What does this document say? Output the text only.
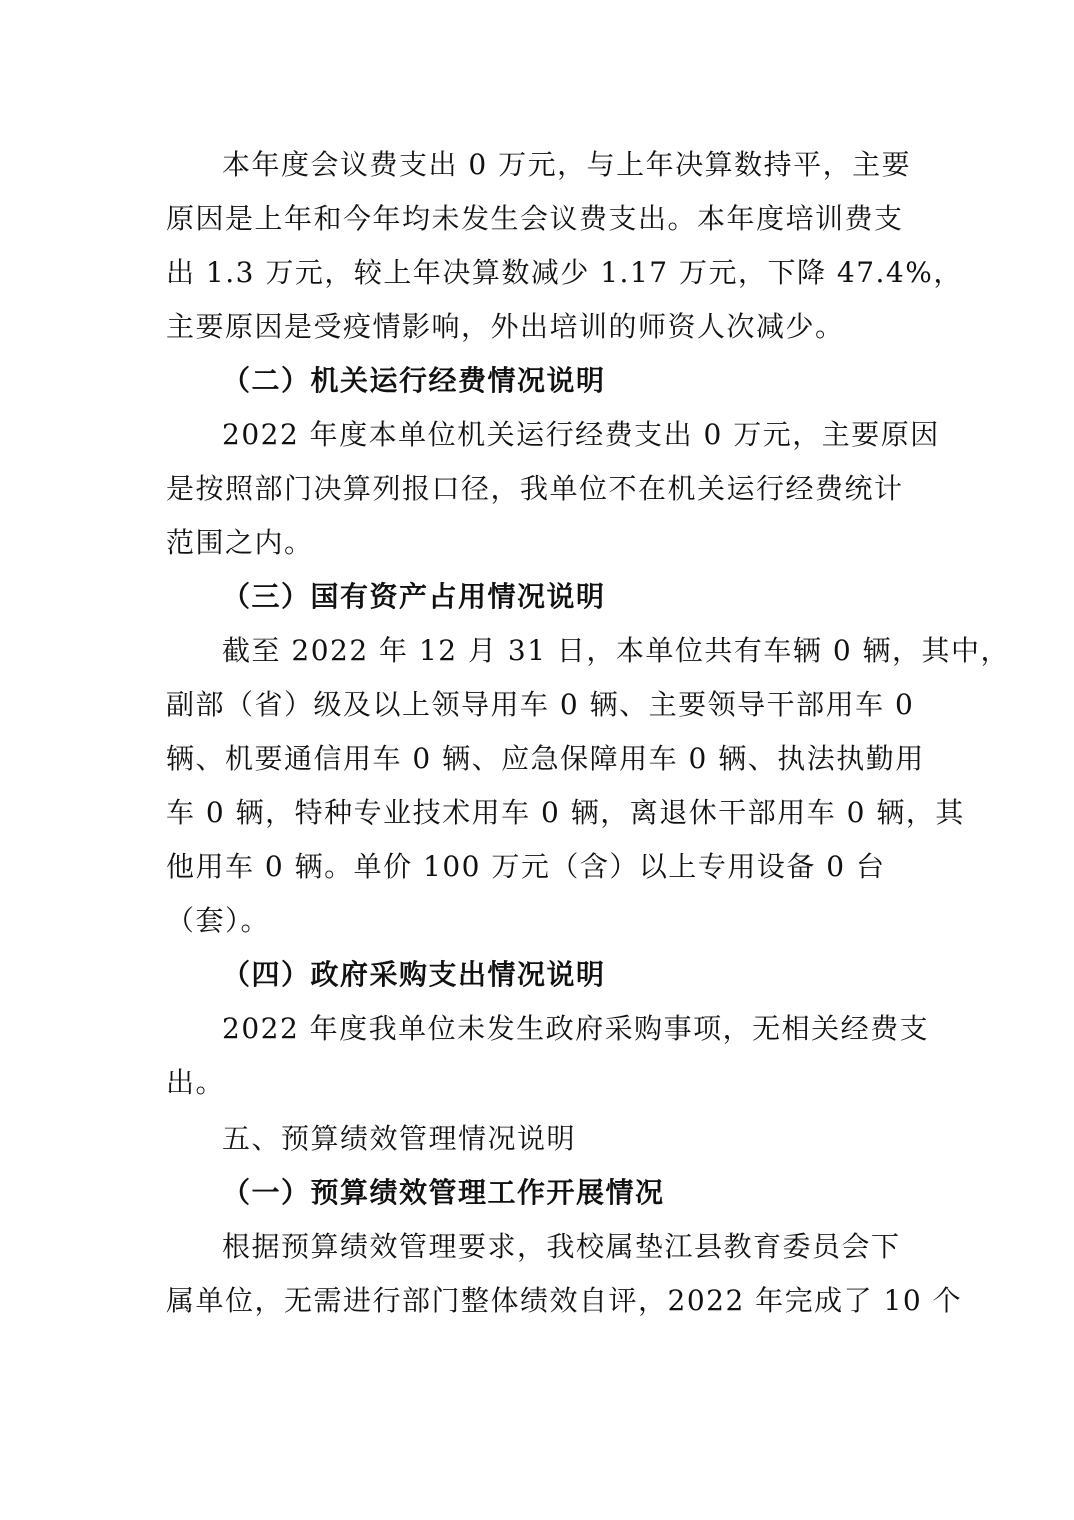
本年度会议费支出 0 万元，与上年决算数持平，主要
原因是上年和今年均未发生会议费支出。本年度培训费支
出 1.3 万元，较上年决算数减少 1.17 万元，下降 47.4%，
主要原因是受疫情影响，外出培训的师资人次减少。
（二）机关运行经费情况说明
2022 年度本单位机关运行经费支出 0 万元，主要原因
是按照部门决算列报口径，我单位不在机关运行经费统计
范围之内。
（三）国有资产占用情况说明
截至 2022 年 12 月 31 日，本单位共有车辆 0 辆，其中，
副部（省）级及以上领导用车 0 辆、主要领导干部用车 0
辆、机要通信用车 0 辆、应急保障用车 0 辆、执法执勤用
车 0 辆，特种专业技术用车 0 辆，离退休干部用车 0 辆，其
他用车 0 辆。单价 100 万元（含）以上专用设备 0 台
（套）。
（四）政府采购支出情况说明
2022 年度我单位未发生政府采购事项，无相关经费支
出。
五、预算绩效管理情况说明
（一）预算绩效管理工作开展情况
根据预算绩效管理要求，我校属垫江县教育委员会下
属单位，无需进行部门整体绩效自评，2022 年完成了 10 个
